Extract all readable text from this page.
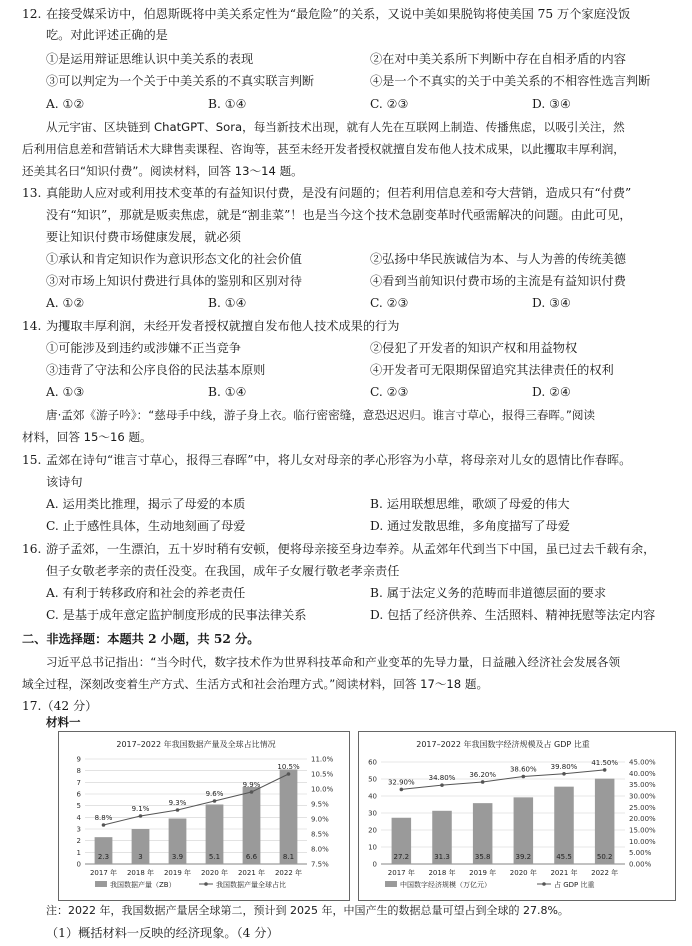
12. 在接受媒采访中，伯恩斯既将中美关系定性为“最危险”的关系，又说中美如果脱钩将使美国 75 万个家庭没饭
吃。对此评述正确的是
①是运用辩证思维认识中美关系的表现	②在对中美关系所下判断中存在自相矛盾的内容
③可以判定为一个关于中美关系的不真实联言判断	④是一个不真实的关于中美关系的不相容性选言判断
A. ①②	B. ①④	C. ②③	D. ③④
从元宇宙、区块链到 ChatGPT、Sora，每当新技术出现，就有人先在互联网上制造、传播焦虑，以吸引关注，然
后利用信息差和营销话术大肆售卖课程、咨询等，甚至未经开发者授权就擅自发布他人技术成果，以此攫取丰厚利润，
还美其名曰“知识付费”。阅读材料，回答 13～14 题。
13. 真能助人应对或利用技术变革的有益知识付费，是没有问题的；但若利用信息差和夸大营销，造成只有“付费”
没有“知识”，那就是贩卖焦虑，就是“割韭菜”！也是当今这个技术急剧变革时代亟需解决的问题。由此可见，
要让知识付费市场健康发展，就必须
①承认和肯定知识作为意识形态文化的社会价值	②弘扬中华民族诚信为本、与人为善的传统美德
③对市场上知识付费进行具体的鉴别和区别对待	④看到当前知识付费市场的主流是有益知识付费
A. ①②	B. ①④	C. ②③	D. ③④
14. 为攫取丰厚利润，未经开发者授权就擅自发布他人技术成果的行为
①可能涉及到违约或涉嫌不正当竞争	②侵犯了开发者的知识产权和用益物权
③违背了守法和公序良俗的民法基本原则	④开发者可无限期保留追究其法律责任的权利
A. ①③	B. ①④	C. ②③	D. ②④
唐·孟郊《游子吟》：“慈母手中线，游子身上衣。临行密密缝，意恐迟迟归。谁言寸草心，报得三春晖。”阅读
材料，回答 15～16 题。
15. 孟郊在诗句“谁言寸草心，报得三春晖”中，将儿女对母亲的孝心形容为小草，将母亲对儿女的恩情比作春晖。
该诗句
A. 运用类比推理，揭示了母爱的本质	B. 运用联想思维，歌颂了母爱的伟大
C. 止于感性具体，生动地刻画了母爱	D. 通过发散思维，多角度描写了母爱
16. 游子孟郊，一生漂泊，五十岁时稍有安顿，便将母亲接至身边奉养。从孟郊年代到当下中国，虽已过去千载有余，
但子女敬老孝亲的责任没变。在我国，成年子女履行敬老孝亲责任
A. 有利于转移政府和社会的养老责任	B. 属于法定义务的范畴而非道德层面的要求
C. 是基于成年意定监护制度形成的民事法律关系	D. 包括了经济供养、生活照料、精神抚慰等法定内容
二、非选择题：本题共 2 小题，共 52 分。
习近平总书记指出：“当今时代，数字技术作为世界科技革命和产业变革的先导力量，日益融入经济社会发展各领
域全过程，深刻改变着生产方式、生活方式和社会治理方式。”阅读材料，回答 17～18 题。
17.（42 分）
材料一
2017–2022 年我国数据产量及全球占比情况
0
1
2
3
4
5
6
7
8
9
7.5%
8.0%
8.5%
9.0%
9.5%
10.0%
10.5%
11.0%
2.3
2017 年
3
2018 年
3.9
2019 年
5.1
2020 年
6.6
2021 年
8.1
2022 年
8.8%
9.1%
9.3%
9.6%
9.9%
10.5%
我国数据产量（ZB）	我国数据产量全球占比
2017–2022 年我国数字经济规模及占 GDP 比重
0
10
20
30
40
50
60
0.00%
5.00%
10.00%
15.00%
20.00%
25.00%
30.00%
35.00%
40.00%
45.00%
27.2
2017 年
31.3
2018 年
35.8
2019 年
39.2
2020 年
45.5
2021 年
50.2
2022 年
32.90%
34.80% 36.20%
38.60% 39.80% 41.50%
中国数字经济规模（万亿元）	占 GDP 比重
注：2022 年，我国数据产量居全球第二，预计到 2025 年，中国产生的数据总量可望占到全球的 27.8%。
（1）概括材料一反映的经济现象。（4 分）
